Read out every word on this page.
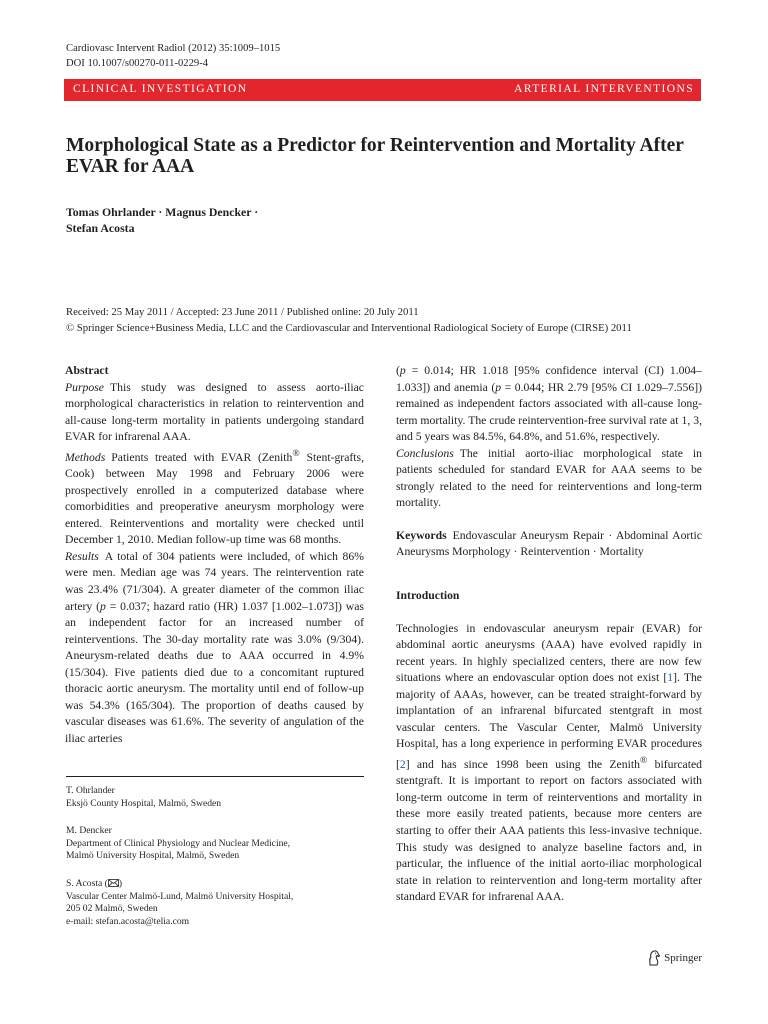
Cardiovasc Intervent Radiol (2012) 35:1009–1015
DOI 10.1007/s00270-011-0229-4
CLINICAL INVESTIGATION	ARTERIAL INTERVENTIONS
Morphological State as a Predictor for Reintervention and Mortality After EVAR for AAA
Tomas Ohrlander · Magnus Dencker ·
Stefan Acosta
Received: 25 May 2011 / Accepted: 23 June 2011 / Published online: 20 July 2011
© Springer Science+Business Media, LLC and the Cardiovascular and Interventional Radiological Society of Europe (CIRSE) 2011

Abstract

Purpose This study was designed to assess aorto-iliac morphological characteristics in relation to reintervention and all-cause long-term mortality in patients undergoing standard EVAR for infrarenal AAA.

Methods Patients treated with EVAR (Zenith® Stent-grafts, Cook) between May 1998 and February 2006 were prospectively enrolled in a computerized database where comorbidities and preoperative aneurysm morphology were entered. Reinterventions and mortality were checked until December 1, 2010. Median follow-up time was 68 months.

Results A total of 304 patients were included, of which 86% were men. Median age was 74 years. The reintervention rate was 23.4% (71/304). A greater diameter of the common iliac artery (p = 0.037; hazard ratio (HR) 1.037 [1.002–1.073]) was an independent factor for an increased number of reinterventions. The 30-day mortality rate was 3.0% (9/304). Aneurysm-related deaths due to AAA occurred in 4.9% (15/304). Five patients died due to a concomitant ruptured thoracic aortic aneurysm. The mortality until end of follow-up was 54.3% (165/304). The proportion of deaths caused by vascular diseases was 61.6%. The severity of angulation of the iliac arteries

T. Ohrlander
Eksjö County Hospital, Malmö, Sweden
M. Dencker
Department of Clinical Physiology and Nuclear Medicine,
Malmö University Hospital, Malmö, Sweden
S. Acosta ( )
Vascular Center Malmö-Lund, Malmö University Hospital,
205 02 Malmö, Sweden
e-mail: stefan.acosta@telia.com

(p = 0.014; HR 1.018 [95% confidence interval (CI) 1.004–1.033]) and anemia (p = 0.044; HR 2.79 [95% CI 1.029–7.556]) remained as independent factors associated with all-cause long-term mortality. The crude reintervention-free survival rate at 1, 3, and 5 years was 84.5%, 64.8%, and 51.6%, respectively.

Conclusions The initial aorto-iliac morphological state in patients scheduled for standard EVAR for AAA seems to be strongly related to the need for reinterventions and long-term mortality.

Keywords Endovascular Aneurysm Repair · Abdominal Aortic Aneurysms Morphology · Reintervention · Mortality

Introduction

Technologies in endovascular aneurysm repair (EVAR) for abdominal aortic aneurysms (AAA) have evolved rapidly in recent years. In highly specialized centers, there are now few situations where an endovascular option does not exist [1]. The majority of AAAs, however, can be treated straight-forward by implantation of an infrarenal bifurcated stentgraft in most vascular centers. The Vascular Center, Malmö University Hospital, has a long experience in performing EVAR procedures [2] and has since 1998 been using the Zenith® bifurcated stentgraft. It is important to report on factors associated with long-term outcome in term of reinterventions and mortality in these more easily treated patients, because more centers are starting to offer their AAA patients this less-invasive technique. This study was designed to analyze baseline factors and, in particular, the influence of the initial aorto-iliac morphological state in relation to reintervention and long-term mortality after standard EVAR for infrarenal AAA.

Springer
